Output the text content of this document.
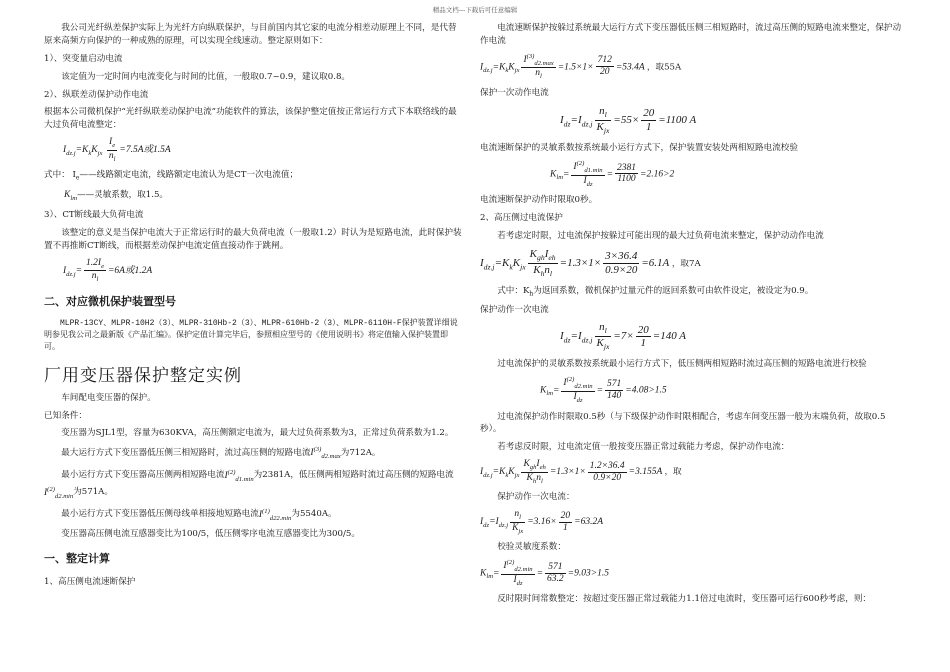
精品文档---下载后可任意编辑

我公司光纤纵差保护实际上为光纤方向纵联保护，与目前国内其它家的电流分相差动原理上不同，是代替原来高频方向保护的一种成熟的原理，可以实现全线速动。整定原则如下：

1）、突变量启动电流

该定值为一定时间内电流变化与时间的比值，一般取0.7~0.9，建议取0.8。

2）、纵联差动保护动作电流

根据本公司微机保护“光纤纵联差动保护电流”功能软件的算法，该保护整定值按正常运行方式下本联络线的最大过负荷电流整定：

$I_{dz.j}=K_kK_{jx} \frac{I_e}{n_l} =7.5A$或1.5A

式中： $I_e——$线路额定电流，线路额定电流认为是CT一次电流值；

$K_{lm}——$灵敏系数，取1.5。

3）、CT断线最大负荷电流

该整定的意义是当保护电流大于正常运行时的最大负荷电流（一般取1.2）时认为是短路电流，此时保护装置不再推断CT断线，而根据差动保护电流定值直接动作于跳闸。

$I_{dz.j}= \frac{1.2I_e}{n_l} =6A$或1.2A
二、对应微机保护装置型号

MLPR-13CY、MLPR-10H2（3）、MLPR-310Hb-2（3）、MLPR-610Hb-2（3）、MLPR-6110H-F保护装置详细说明参见我公司之最新版《产品汇编》。保护定值计算完毕后，参照相应型号的《使用说明书》将定值输入保护装置即可。

厂用变压器保护整定实例

车间配电变压器的保护。

已知条件：

变压器为SJL1型，容量为630KVA，高压侧额定电流为，最大过负荷系数为3，正常过负荷系数为1.2。

最大运行方式下变压器低压侧三相短路时，流过高压侧的短路电流$I^{(3)}_{d2.max}$为712A。

最小运行方式下变压器高压侧两相短路电流$I^{(2)}_{d1.min}$为2381A，低压侧两相短路时流过高压侧的短路电流$I^{(2)}_{d2.min}$为571A。

最小运行方式下变压器低压侧母线单相接地短路电流$I^{(1)}_{d22.min}$为5540A。

变压器高压侧电流互感器变比为100/5，低压侧零序电流互感器变比为300/5。

一、整定计算

1、高压侧电流速断保护

电流速断保护按躲过系统最大运行方式下变压器低压侧三相短路时，流过高压侧的短路电流来整定，保护动作电流

$I_{dz.j}=K_kK_{jx} \frac{I^{(3)}_{d2.max}}{n_l} =1.5\times 1\times \frac{712}{20} =53.4A$ ，取55A

保护一次动作电流

$I_{dz}=I_{dz.j} \frac{n_l}{K_{jx}} =55\times \frac{20}{1} =1100$ A

电流速断保护的灵敏系数按系统最小运行方式下，保护装置安装处两相短路电流校验

$K_{lm}= \frac{I^{(2)}_{d1.min}}{I_{dz}} = \frac{2381}{1100} =2.16>2$

电流速断保护动作时限取0秒。

2、高压侧过电流保护

若考虑定时限，过电流保护按躲过可能出现的最大过负荷电流来整定，保护动动作电流

$I_{dz.j}=K_kK_{jx} \frac{K_{gh}I_{eh}}{K_hn_l} =1.3\times 1\times \frac{3\times 36.4}{0.9\times 20} =6.1A$ ，取7A

式中：$K_h$为返回系数，微机保护过量元件的返回系数可由软件设定，被设定为0.9。

保护动作一次电流

$I_{dz}=I_{dz.j} \frac{n_l}{K_{jx}} =7\times \frac{20}{1} =140$ A

过电流保护的灵敏系数按系统最小运行方式下，低压侧两相短路时流过高压侧的短路电流进行校验

$K_{lm}= \frac{I^{(2)}_{d2.min}}{I_{dz}} = \frac{571}{140} =4.08>1.5$

过电流保护动作时限取0.5秒（与下级保护动作时限相配合，考虑车间变压器一般为末端负荷，故取0.5秒）。

若考虑反时限，过电流定值一般按变压器正常过载能力考虑，保护动作电流：

$I_{dz.j}=K_kK_{jx} \frac{K_{gh}I_{eh}}{K_hn_l} =1.3\times 1\times \frac{1.2\times 36.4}{0.9\times 20} =3.155A$ ，取

保护动作一次电流：

$I_{dz}=I_{dz.j} \frac{n_l}{K_{jx}} =3.16\times \frac{20}{1} =63.2A$

校验灵敏度系数：

$K_{lm}= \frac{I^{(2)}_{d2.min}}{I_{dz}} = \frac{571}{63.2} =9.03>1.5$

反时限时间常数整定：按超过变压器正常过载能力1.1倍过电流时，变压器可运行600秒考虑，则：
